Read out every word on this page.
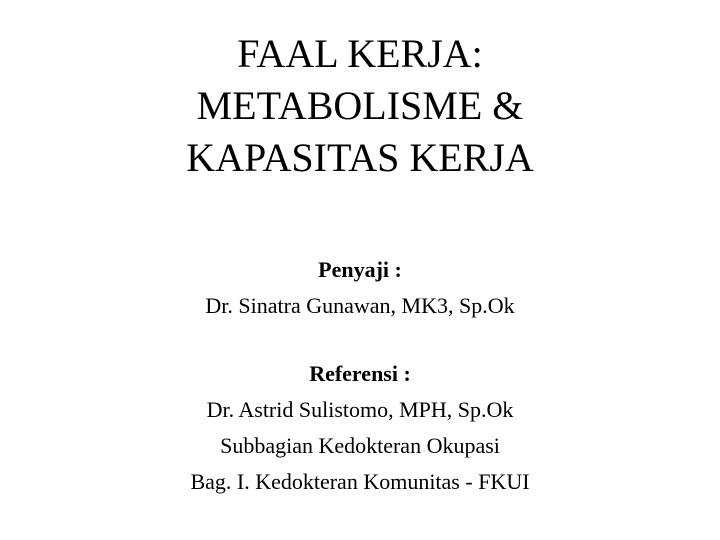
FAAL KERJA:
METABOLISME &
KAPASITAS KERJA
Penyaji :
Dr. Sinatra Gunawan, MK3, Sp.Ok
Referensi :
Dr. Astrid Sulistomo, MPH, Sp.Ok
Subbagian Kedokteran Okupasi
Bag. I. Kedokteran Komunitas - FKUI
